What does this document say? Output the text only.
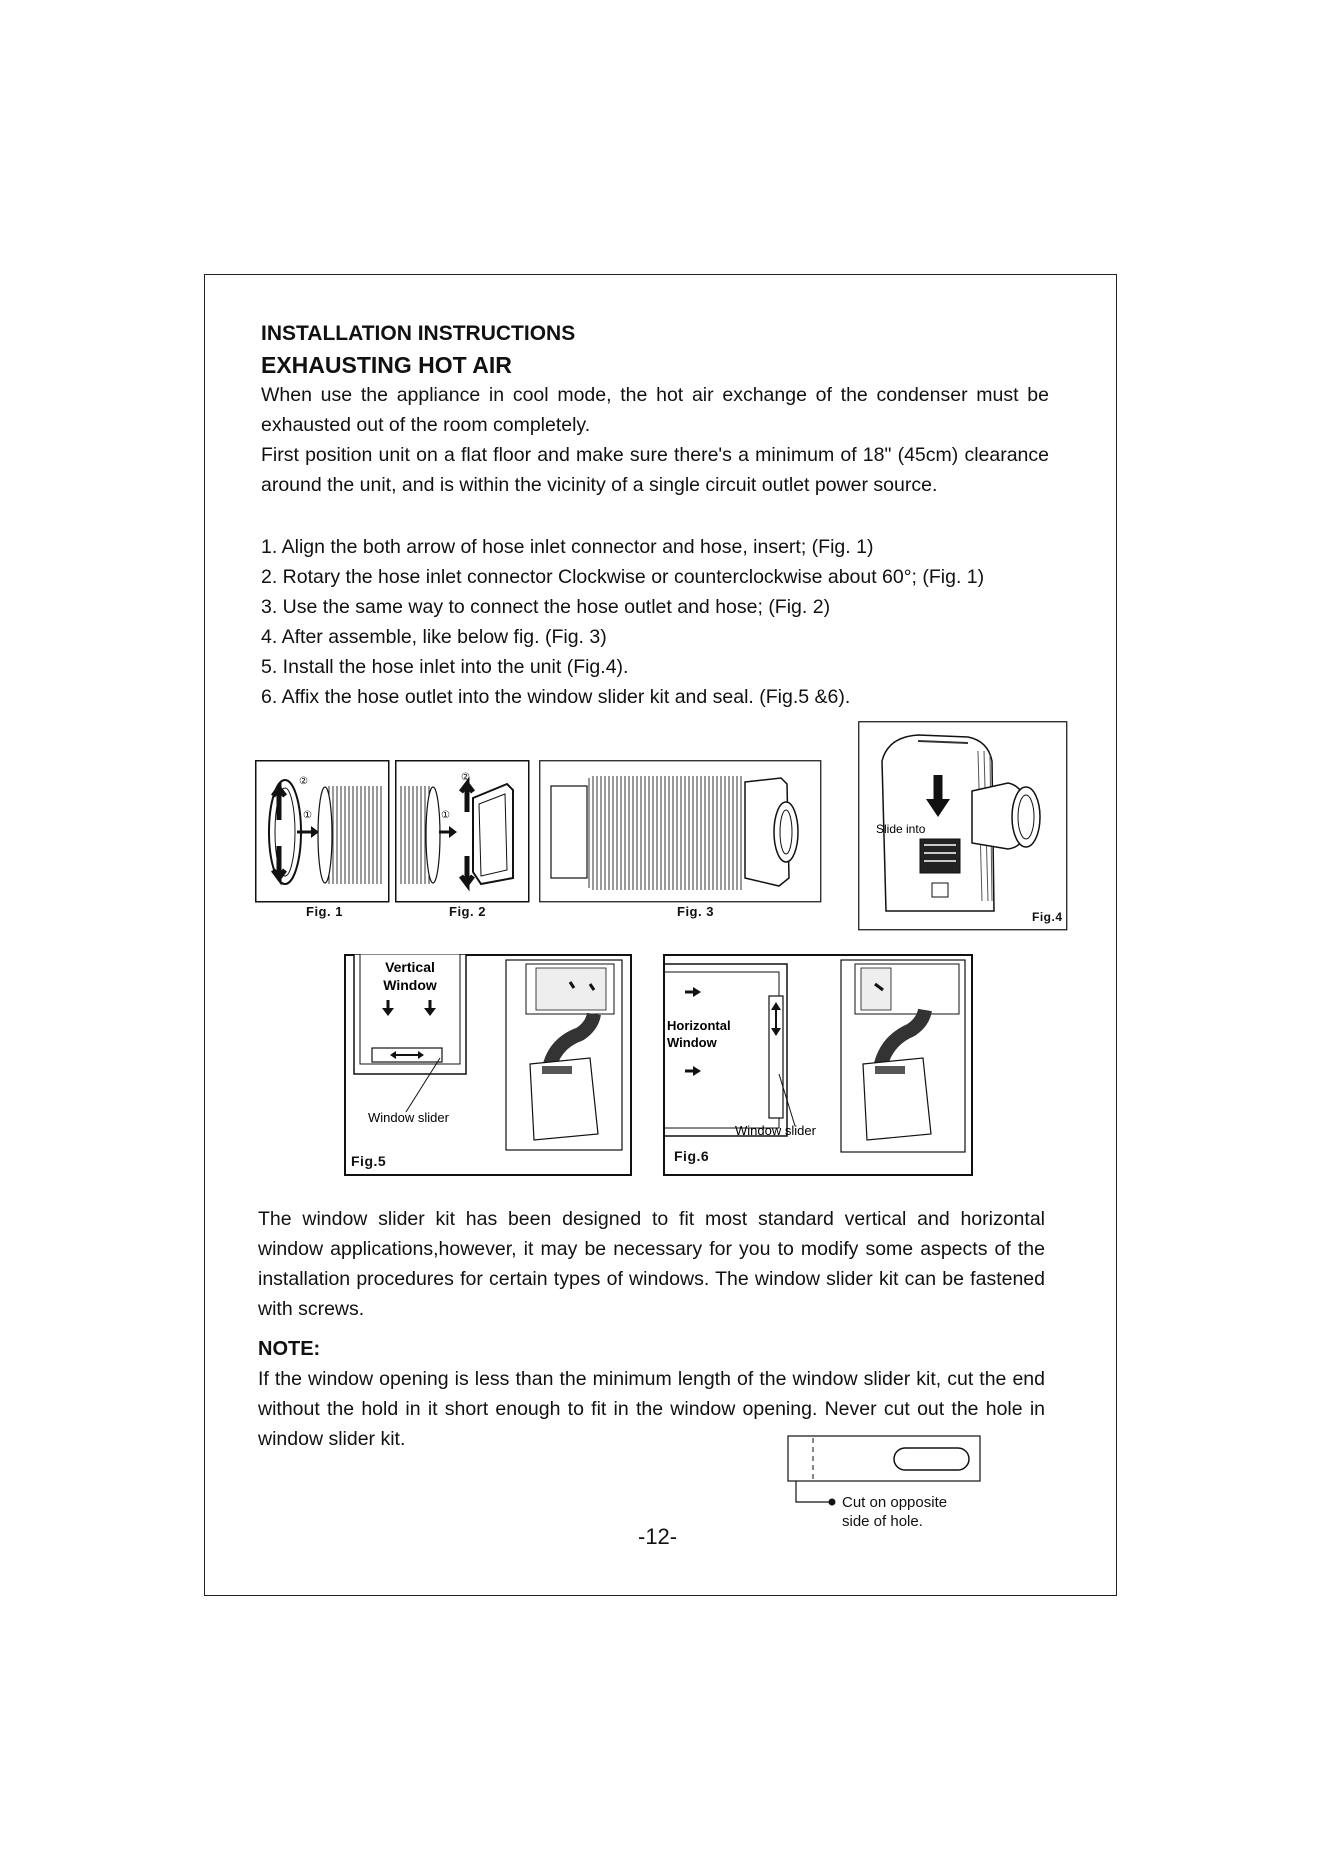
INSTALLATION INSTRUCTIONS

EXHAUSTING HOT AIR

When use the appliance in cool mode, the hot air exchange of the condenser must be exhausted out of the room completely.

First position unit on a flat floor and make sure there's a minimum of 18" (45cm) clearance around the unit, and is within the vicinity of a single circuit outlet power source.

1. Align the both arrow of hose inlet connector and hose, insert; (Fig. 1)

2. Rotary the hose inlet connector Clockwise or counterclockwise about 60°; (Fig. 1)

3. Use the same way to connect the hose outlet and hose; (Fig. 2)

4. After assemble, like below fig. (Fig. 3)

5. Install the hose inlet into the unit (Fig.4).

6. Affix the hose outlet into the window slider kit and seal. (Fig.5 &6).

②
①
Fig. 1
②
①
Fig. 2	Fig. 3
Slide into
Fig.4
Vertical
Window
Window slider
Fig.5
Horizontal
Window
Window slider
Fig.6

The window slider kit has been designed to fit most standard vertical and horizontal window applications,however, it may be necessary for you to modify some aspects of the installation procedures for certain types of windows. The window slider kit can be fastened with screws.

NOTE:

If the window opening is less than the minimum length of the window slider kit, cut the end without the hold in it short enough to fit in the window opening. Never cut out the hole in window slider kit.

Cut on opposite
side of hole.

-12-
